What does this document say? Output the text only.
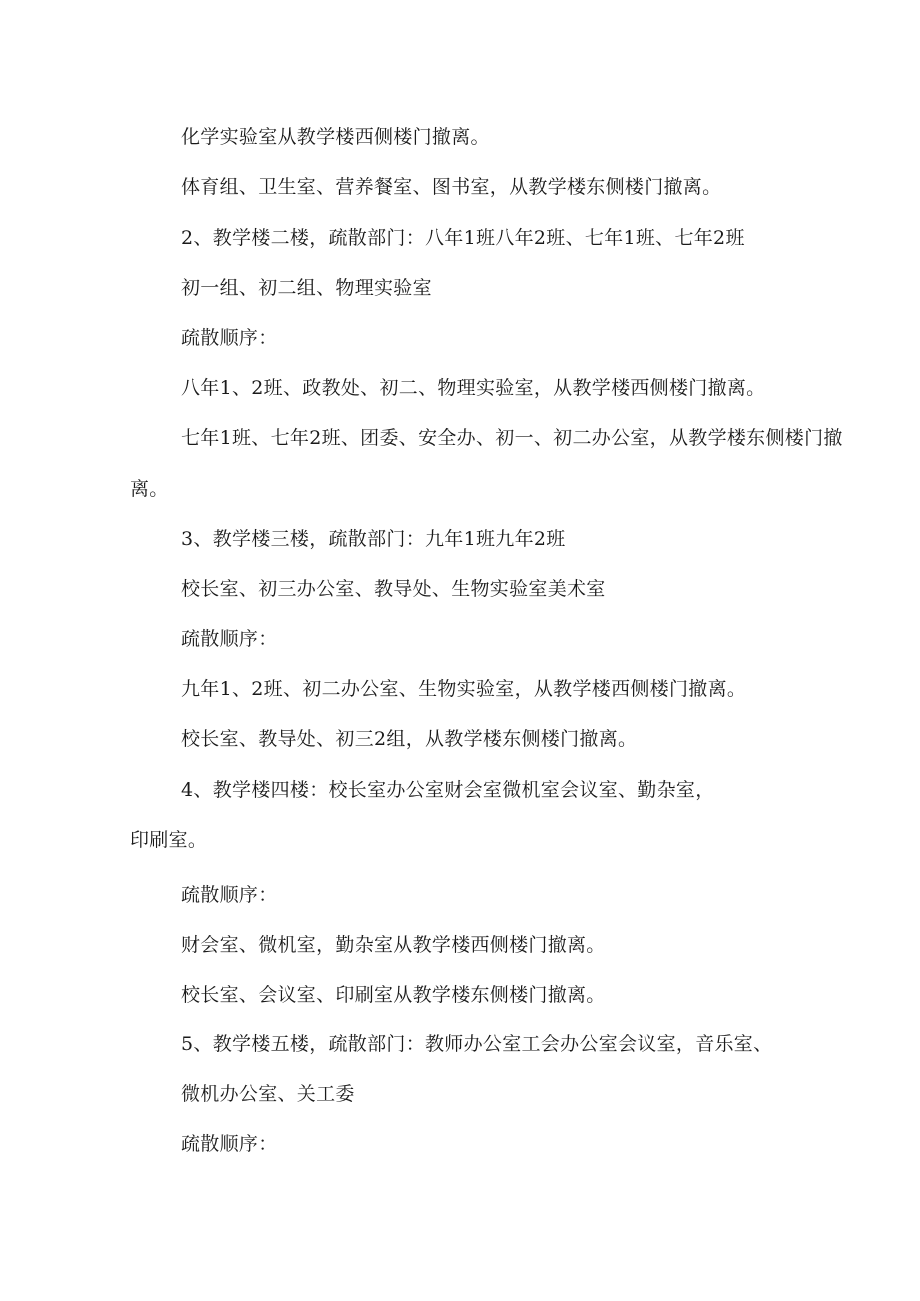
化学实验室从教学楼西侧楼门撤离。
体育组、卫生室、营养餐室、图书室，从教学楼东侧楼门撤离。
2、教学楼二楼，疏散部门：八年1班八年2班、七年1班、七年2班
初一组、初二组、物理实验室
疏散顺序：
八年1、2班、政教处、初二、物理实验室，从教学楼西侧楼门撤离。
七年1班、七年2班、团委、安全办、初一、初二办公室，从教学楼东侧楼门撤
离。
3、教学楼三楼，疏散部门：九年1班九年2班
校长室、初三办公室、教导处、生物实验室美术室
疏散顺序：
九年1、2班、初二办公室、生物实验室，从教学楼西侧楼门撤离。
校长室、教导处、初三2组，从教学楼东侧楼门撤离。
4、教学楼四楼：校长室办公室财会室微机室会议室、勤杂室，
印刷室。
疏散顺序：
财会室、微机室，勤杂室从教学楼西侧楼门撤离。
校长室、会议室、印刷室从教学楼东侧楼门撤离。
5、教学楼五楼，疏散部门：教师办公室工会办公室会议室，音乐室、
微机办公室、关工委
疏散顺序：
